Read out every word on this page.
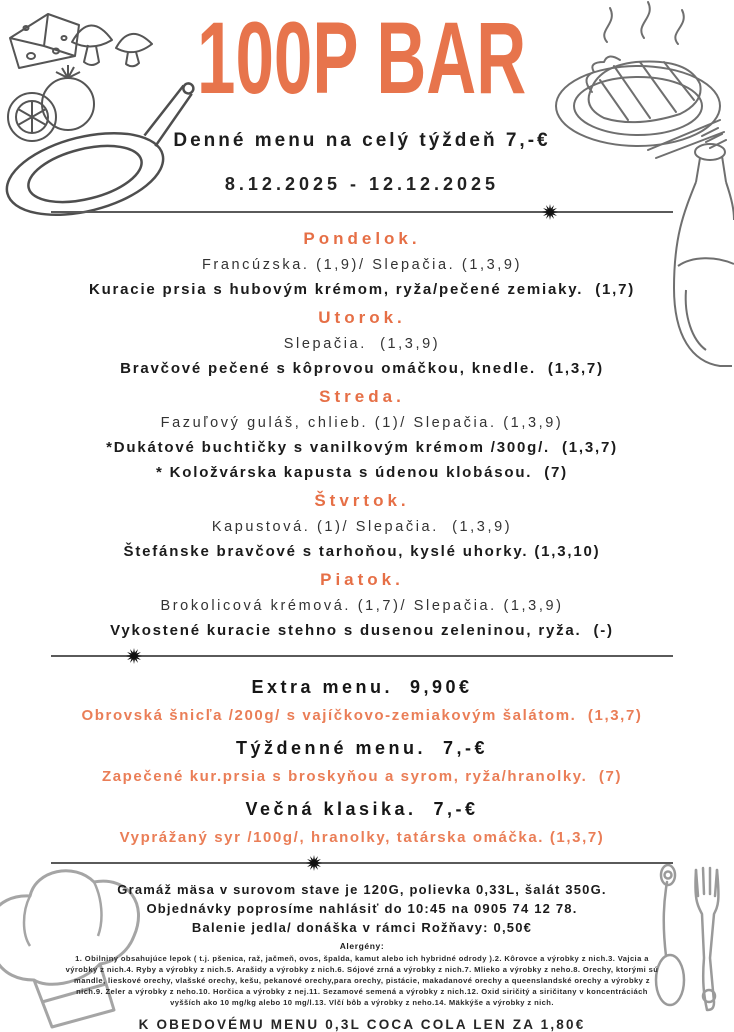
100P BAR
Denné menu na celý týždeň 7,-€
8.12.2025 - 12.12.2025
Pondelok.
Francúzska. (1,9)/ Slepačia. (1,3,9)
Kuracie prsia s hubovým krémom, ryža/pečené zemiaky.  (1,7)
Utorok.
Slepačia.  (1,3,9)
Bravčové pečené s kôprovou omáčkou, knedle.  (1,3,7)
Streda.
Fazuľový guláš, chlieb. (1)/ Slepačia. (1,3,9)
*Dukátové buchtičky s vanilkovým krémom /300g/.  (1,3,7)
* Koložvárska kapusta s údenou klobásou.  (7)
Štvrtok.
Kapustová. (1)/ Slepačia.  (1,3,9)
Štefánske bravčové s tarhoňou, kyslé uhorky. (1,3,10)
Piatok.
Brokolicová krémová. (1,7)/ Slepačia. (1,3,9)
Vykostené kuracie stehno s dusenou zeleninou, ryža.  (-)
Extra menu.  9,90€
Obrovská šnicľa /200g/ s vajíčkovo-zemiakovým šalátom.  (1,3,7)
Týždenné menu.  7,-€
Zapečené kur.prsia s broskyňou a syrom, ryža/hranolky.  (7)
Večná klasika.  7,-€
Vyprážaný syr /100g/, hranolky, tatárska omáčka. (1,3,7)
Gramáž mäsa v surovom stave je 120G, polievka 0,33L, šalát 350G.
Objednávky poprosíme nahlásiť do 10:45 na 0905 74 12 78.
Balenie jedla/ donáška v rámci Rožňavy: 0,50€
Alergény:
1. Obilniny obsahujúce lepok ( t.j. pšenica, raž, jačmeň, ovos, špalda, kamut alebo ich hybridné odrody ).2. Kôrovce a výrobky z nich.3. Vajcia a výrobky z nich.4. Ryby a výrobky z nich.5. Arašidy a výrobky z nich.6. Sójové zrná a výrobky z nich.7. Mlieko a výrobky z neho.8. Orechy, ktorými sú mandle, lieskové orechy, vlašské orechy, kešu, pekanové orechy,para orechy, pistácie, makadanové orechy a queenslandské orechy a výrobky z nich.9. Zeler a výrobky z neho.10. Horčica a výrobky z nej.11. Sezamové semená a výrobky z nich.12. Oxid siričitý a siričitany v koncentráciách vyšších ako 10 mg/kg alebo 10 mg/l.13. Vlčí bôb a výrobky z neho.14. Mäkkýše a výrobky z nich.
K OBEDOVÉMU MENU 0,3L COCA COLA LEN ZA 1,80€
